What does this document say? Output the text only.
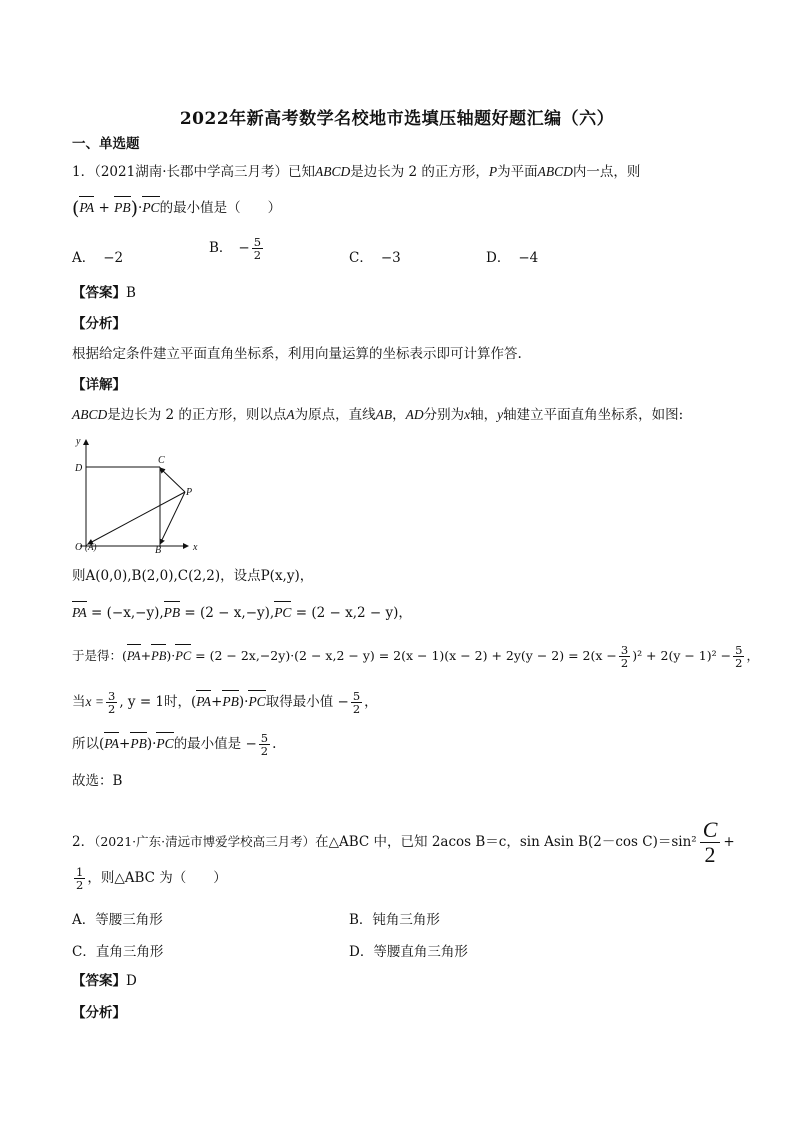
2022年新高考数学名校地市选填压轴题好题汇编（六）
一、单选题
1．（2021湖南·长郡中学高三月考）已知ABCD是边长为 2 的正方形，P为平面ABCD内一点，则
(PA + PB)·PC的最小值是（　　）
A． −2
B． − $\frac{5}{2}$	C． −3	D． −4
【答案】B
【分析】
根据给定条件建立平面直角坐标系，利用向量运算的坐标表示即可计算作答.
【详解】
ABCD是边长为 2 的正方形，则以点A为原点，直线AB，AD分别为x轴，y轴建立平面直角坐标系，如图:
y
x
D
C
P
O (A)	B
则A(0,0),B(2,0),C(2,2)，设点P(x,y)，
PA = (−x,−y),PB = (2 − x,−y),PC = (2 − x,2 − y)，
于是得：$(PA+PB)\cdot PC = (2 - 2x,-2y)\cdot(2 - x,2 - y) = 2(x - 1)(x - 2) + 2y(y - 2) = 2(x - \frac{3}{2} )^2 + 2(y - 1)^2 - \frac{5}{2}$ ，
当$x = \frac{3}{2}$ , y = 1时，(PA+PB)·PC取得最小值 − $\frac{5}{2}$ ，
所以(PA+PB)·PC的最小值是 − $\frac{5}{2}$ .
故选：B
2．（2021·广东·清远市博爱学校高三月考）在△ABC 中，已知 2acos B＝c，sin Asin B(2－cos $C)=\sin^2 \frac{C}{2}$ +
$\frac{1}{2}$ ，则△ABC 为（　　）
A．等腰三角形	B．钝角三角形
C．直角三角形	D．等腰直角三角形
【答案】D
【分析】
